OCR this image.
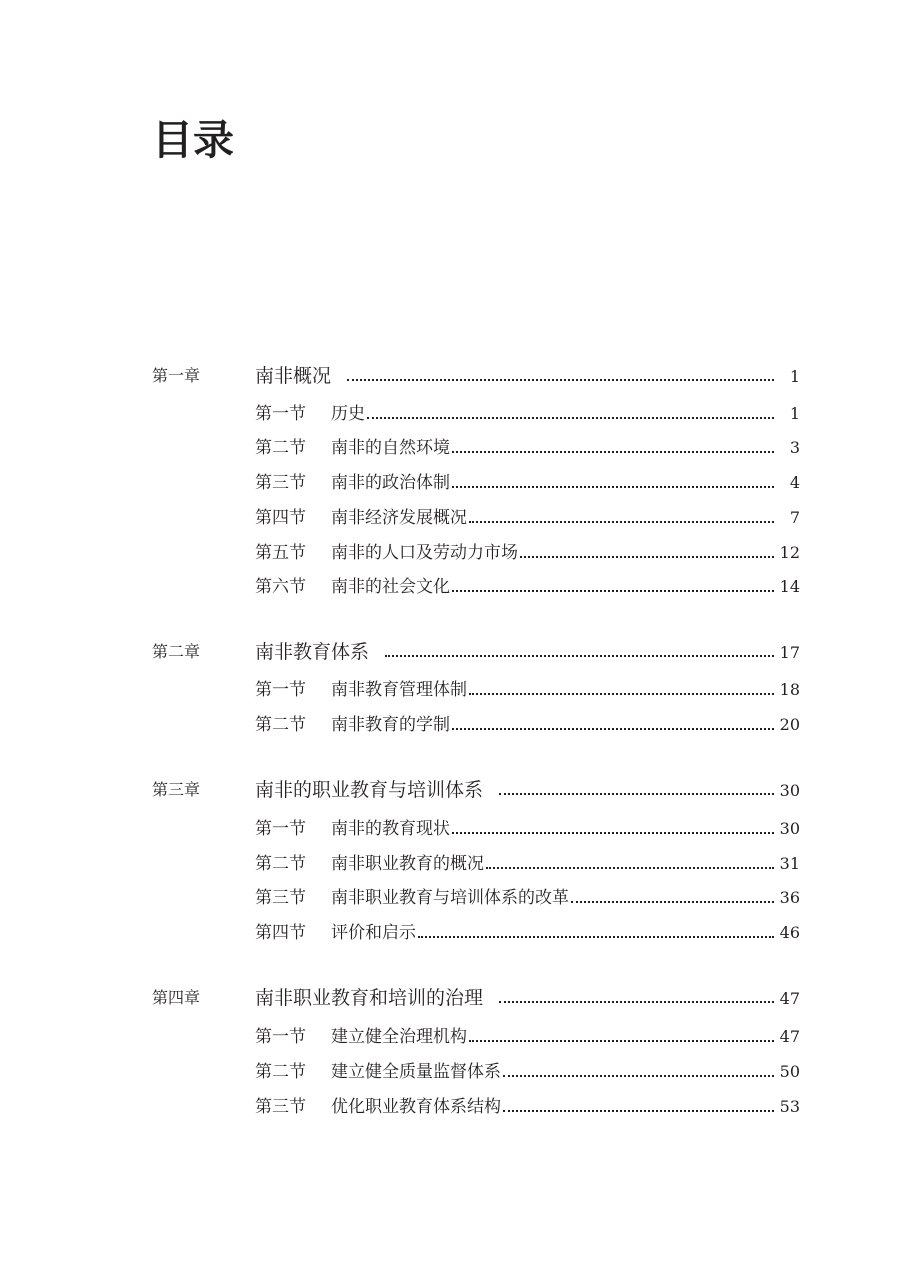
目录
第一章	南非概况	1
第一节	历史	1
第二节	南非的自然环境	3
第三节	南非的政治体制	4
第四节	南非经济发展概况	7
第五节	南非的人口及劳动力市场	12
第六节	南非的社会文化	14
第二章	南非教育体系	17
第一节	南非教育管理体制	18
第二节	南非教育的学制	20
第三章	南非的职业教育与培训体系	30
第一节	南非的教育现状	30
第二节	南非职业教育的概况	31
第三节	南非职业教育与培训体系的改革	36
第四节	评价和启示	46
第四章	南非职业教育和培训的治理	47
第一节	建立健全治理机构	47
第二节	建立健全质量监督体系	50
第三节	优化职业教育体系结构	53
